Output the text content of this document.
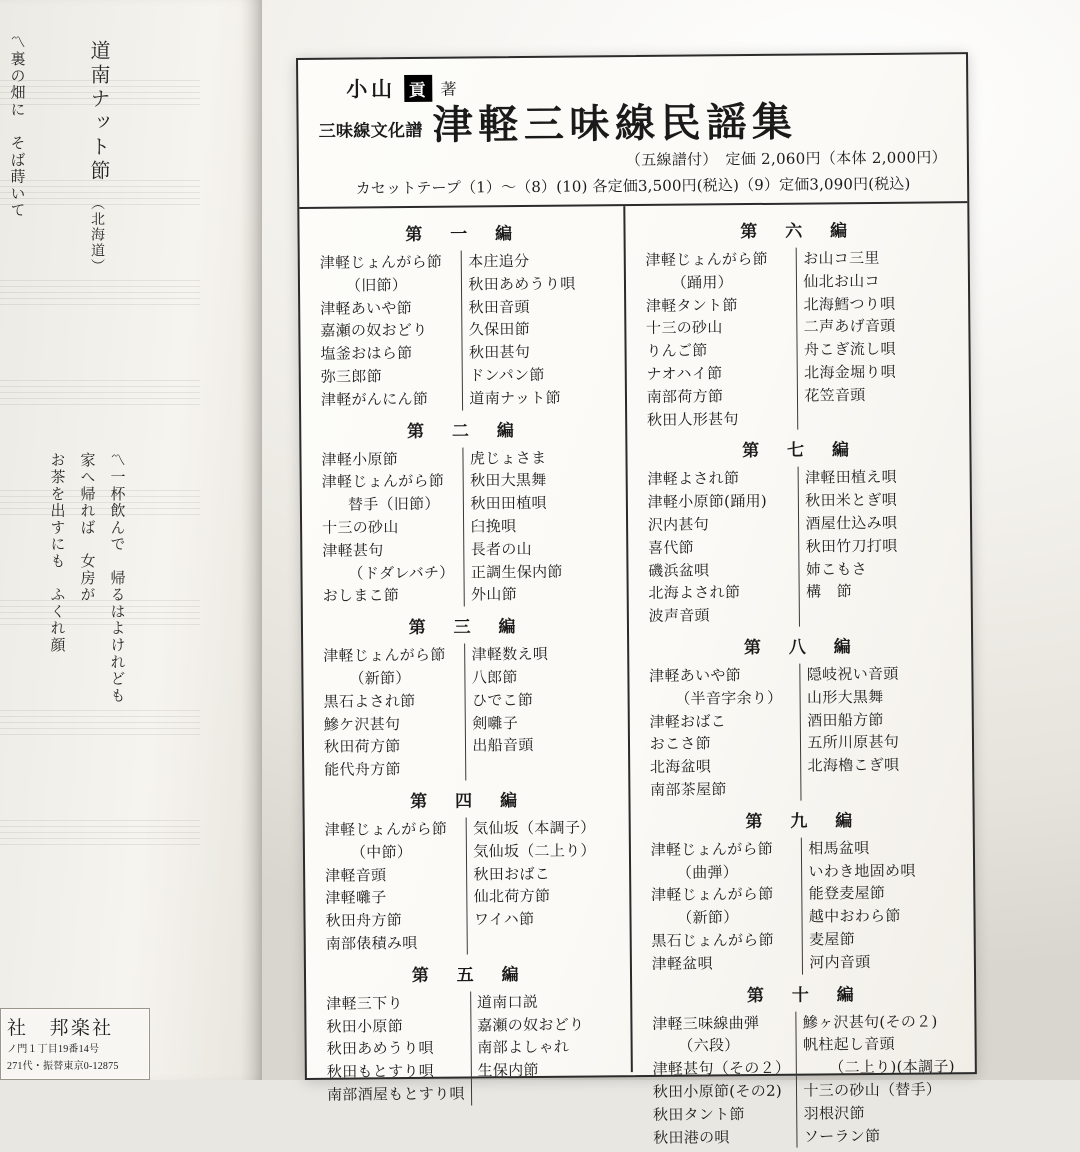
〽裏の畑に　そば蒔いて	道南ナット節
（北海道）
〽一杯飲んで　帰るはよけれども
家へ帰れば　女房が
お茶を出すにも　ふくれ顔
社　邦楽社
ノ門１丁目19番14号
271代・振替東京0-12875
小山 貢 著
三味線文化譜 津軽三味線民謡集
（五線譜付）　定価 2,060円（本体 2,000円）
カセットテープ（1）～（8）(10) 各定価3,500円(税込)（9）定価3,090円(税込)
第　一　編
津軽じょんがら節
（旧節）
津軽あいや節
嘉瀬の奴おどり
塩釜おはら節
弥三郎節
津軽がんにん節
本庄追分
秋田あめうり唄
秋田音頭
久保田節
秋田甚句
ドンパン節
道南ナット節
第　二　編
津軽小原節
津軽じょんがら節
替手（旧節）
十三の砂山
津軽甚句
（ドダレバチ）
おしまこ節
虎じょさま
秋田大黒舞
秋田田植唄
臼挽唄
長者の山
正調生保内節
外山節
第　三　編
津軽じょんがら節
（新節）
黒石よされ節
鰺ケ沢甚句
秋田荷方節
能代舟方節
津軽数え唄
八郎節
ひでこ節
剣囃子
出船音頭
第　四　編
津軽じょんがら節
（中節）
津軽音頭
津軽囃子
秋田舟方節
南部俵積み唄
気仙坂（本調子）
気仙坂（二上り）
秋田おばこ
仙北荷方節
ワイハ節
第　五　編
津軽三下り
秋田小原節
秋田あめうり唄
秋田もとすり唄
南部酒屋もとすり唄
道南口説
嘉瀬の奴おどり
南部よしゃれ
生保内節
第　六　編
津軽じょんがら節
（踊用）
津軽タント節
十三の砂山
りんご節
ナオハイ節
南部荷方節
秋田人形甚句
お山コ三里
仙北お山コ
北海鱈つり唄
二声あげ音頭
舟こぎ流し唄
北海金堀り唄
花笠音頭
第　七　編
津軽よされ節
津軽小原節(踊用)
沢内甚句
喜代節
磯浜盆唄
北海よされ節
波声音頭
津軽田植え唄
秋田米とぎ唄
酒屋仕込み唄
秋田竹刀打唄
姉こもさ
構　節
第　八　編
津軽あいや節
（半音字余り）
津軽おばこ
おこさ節
北海盆唄
南部茶屋節
隠岐祝い音頭
山形大黒舞
酒田船方節
五所川原甚句
北海櫓こぎ唄
第　九　編
津軽じょんがら節
（曲弾）
津軽じょんがら節
（新節）
黒石じょんがら節
津軽盆唄
相馬盆唄
いわき地固め唄
能登麦屋節
越中おわら節
麦屋節
河内音頭
第　十　編
津軽三味線曲弾
（六段）
津軽甚句（その２）
秋田小原節(その2)
秋田タント節
秋田港の唄
鰺ヶ沢甚句(その２)
帆柱起し音頭
（二上り)(本調子)
十三の砂山（替手）
羽根沢節
ソーラン節
